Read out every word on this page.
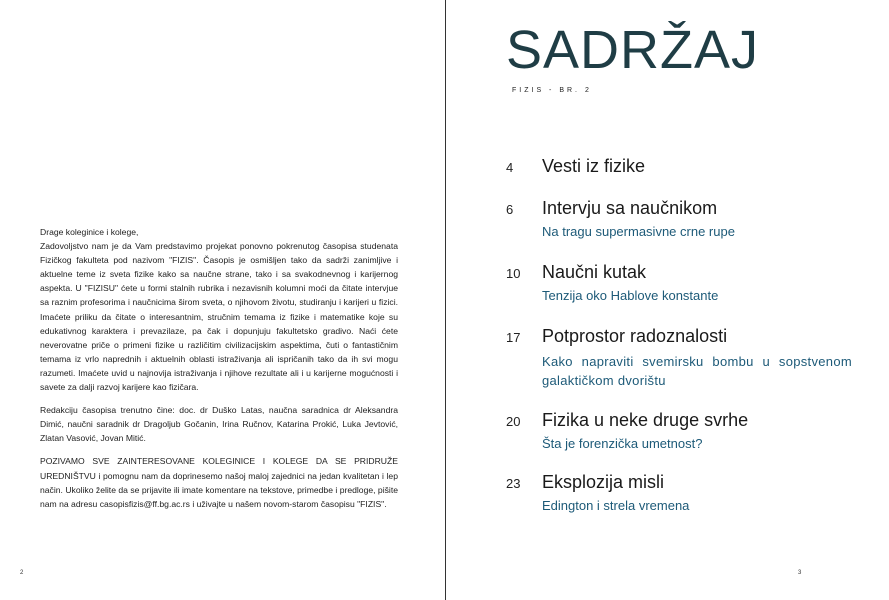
Drage koleginice i kolege,

Zadovoljstvo nam je da Vam predstavimo projekat ponovno pokrenutog časopisa studenata Fizičkog fakulteta pod nazivom "FIZIS". Časopis je osmišljen tako da sadrži zanimljive i aktuelne teme iz sveta fizike kako sa naučne strane, tako i sa svakodnevnog i karijernog aspekta. U "FIZISU" ćete u formi stalnih rubrika i nezavisnih kolumni moći da čitate intervjue sa raznim profesorima i naučnicima širom sveta, o njihovom životu, studiranju i karijeri u fizici. Imaćete priliku da čitate o interesantnim, stručnim temama iz fizike i matematike koje su edukativnog karaktera i prevazilaze, pa čak i dopunjuju fakultetsko gradivo. Naći ćete neverovatne priče o primeni fizike u različitim civilizacijskim aspektima, čuti o fantastičnim temama iz vrlo naprednih i aktuelnih oblasti istraživanja ali ispričanih tako da ih svi mogu razumeti. Imaćete uvid u najnovija istraživanja i njihove rezultate ali i u karijerne mogućnosti i savete za dalji razvoj karijere kao fizičara.

Redakciju časopisa trenutno čine: doc. dr Duško Latas, naučna saradnica dr Aleksandra Dimić, naučni saradnik dr Dragoljub Gočanin, Irina Ručnov, Katarina Prokić, Luka Jevtović, Zlatan Vasović, Jovan Mitić.

POZIVAMO SVE ZAINTERESOVANE KOLEGINICE I KOLEGE DA SE PRIDRUŽE UREDNIŠTVU i pomognu nam da doprinesemo našoj maloj zajednici na jedan kvalitetan i lep način. Ukoliko želite da se prijavite ili imate komentare na tekstove, primedbe i predloge, pišite nam na adresu casopisfizis@ff.bg.ac.rs i uživajte u našem novom-starom časopisu "FIZIS".

2
SADRŽAJ
FIZIS - BR. 2
4 Vesti iz fizike
6 Intervju sa naučnikom
Na tragu supermasivne crne rupe
10 Naučni kutak
Tenzija oko Hablove konstante
17 Potprostor radoznalosti
Kako napraviti svemirsku bombu u sopstvenom galaktičkom dvorištu
20 Fizika u neke druge svrhe
Šta je forenzička umetnost?
23 Eksplozija misli
Edington i strela vremena
3
